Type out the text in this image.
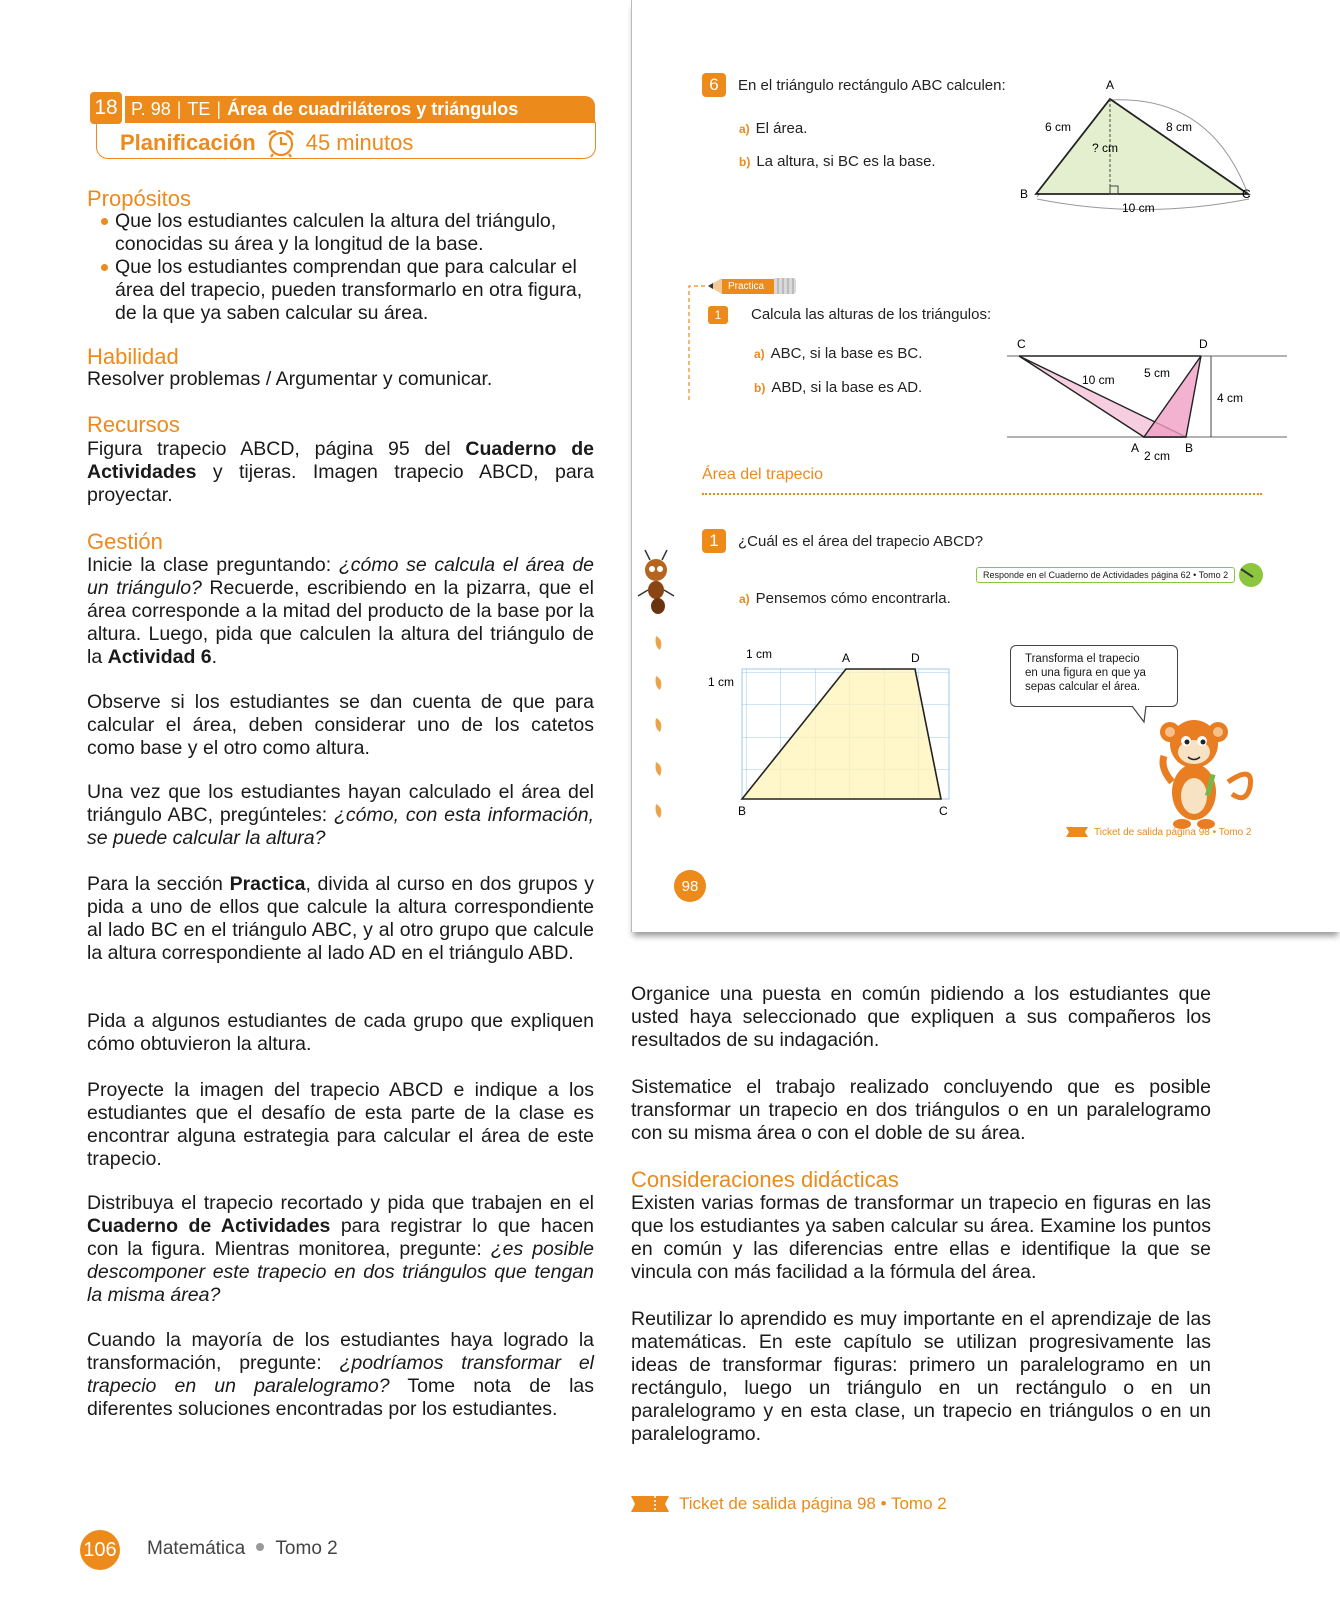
18 P. 98 | TE | Área de cuadriláteros y triángulos
Planificación 45 minutos
Propósitos
Que los estudiantes calculen la altura del triángulo, conocidas su área y la longitud de la base.
Que los estudiantes comprendan que para calcular el área del trapecio, pueden transformarlo en otra figura, de la que ya saben calcular su área.
Habilidad
Resolver problemas / Argumentar y comunicar.
Recursos
Figura trapecio ABCD, página 95 del Cuaderno de Actividades y tijeras. Imagen trapecio ABCD, para proyectar.
Gestión
Inicie la clase preguntando: ¿cómo se calcula el área de un triángulo? Recuerde, escribiendo en la pizarra, que el área corresponde a la mitad del producto de la base por la altura. Luego, pida que calculen la altura del triángulo de la Actividad 6.
Observe si los estudiantes se dan cuenta de que para calcular el área, deben considerar uno de los catetos como base y el otro como altura.
Una vez que los estudiantes hayan calculado el área del triángulo ABC, pregúnteles: ¿cómo, con esta información, se puede calcular la altura?
Para la sección Practica, divida al curso en dos grupos y pida a uno de ellos que calcule la altura correspondiente al lado BC en el triángulo ABC, y al otro grupo que calcule la altura correspondiente al lado AD en el triángulo ABD.
Pida a algunos estudiantes de cada grupo que expliquen cómo obtuvieron la altura.
Proyecte la imagen del trapecio ABCD e indique a los estudiantes que el desafío de esta parte de la clase es encontrar alguna estrategia para calcular el área de este trapecio.
Distribuya el trapecio recortado y pida que trabajen en el Cuaderno de Actividades para registrar lo que hacen con la figura. Mientras monitorea, pregunte: ¿es posible descomponer este trapecio en dos triángulos que tengan la misma área?
Cuando la mayoría de los estudiantes haya logrado la transformación, pregunte: ¿podríamos transformar el trapecio en un paralelogramo? Tome nota de las diferentes soluciones encontradas por los estudiantes.
106 Matemática Tomo 2
Organice una puesta en común pidiendo a los estudiantes que usted haya seleccionado que expliquen a sus compañeros los resultados de su indagación.
Sistematice el trabajo realizado concluyendo que es posible transformar un trapecio en dos triángulos o en un paralelogramo con su misma área o con el doble de su área.
Consideraciones didácticas
Existen varias formas de transformar un trapecio en figuras en las que los estudiantes ya saben calcular su área. Examine los puntos en común y las diferencias entre ellas e identifique la que se vincula con más facilidad a la fórmula del área.
Reutilizar lo aprendido es muy importante en el aprendizaje de las matemáticas. En este capítulo se utilizan progresivamente las ideas de transformar figuras: primero un paralelogramo en un rectángulo, luego un triángulo en un rectángulo o en un paralelogramo y en esta clase, un trapecio en triángulos o en un paralelogramo.
Ticket de salida página 98 • Tomo 2
6	En el triángulo rectángulo ABC calculen:
a) El área.
b) La altura, si BC es la base.
A
B	C
6 cm	8 cm
? cm
10 cm
Practica
1	Calcula las alturas de los triángulos:
a) ABC, si la base es BC.
b) ABD, si la base es AD.
C	D
A	B
10 cm 5 cm
4 cm
2 cm
Área del trapecio
1	¿Cuál es el área del trapecio ABCD?
Responde en el Cuaderno de Actividades página 62 • Tomo 2
a) Pensemos cómo encontrarla.
1 cm
1 cm
A	D
B	C
Transforma el trapecio
en una figura en que ya
sepas calcular el área.
Ticket de salida página 98 • Tomo 2
98
